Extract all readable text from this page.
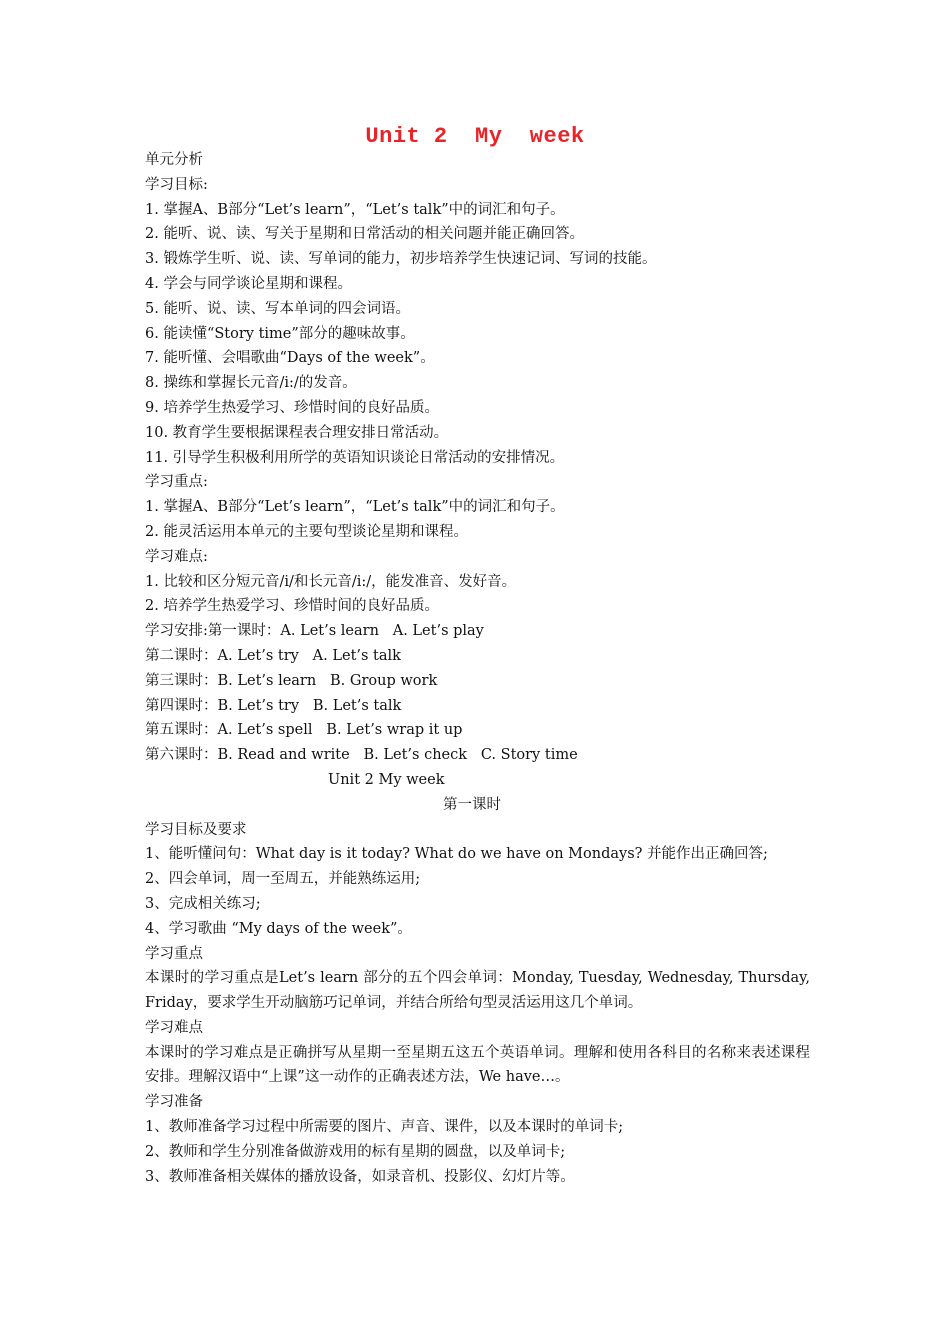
Unit 2  My  week
单元分析
学习目标:
1. 掌握A、B部分“Let’s learn”，“Let’s talk”中的词汇和句子。
2. 能听、说、读、写关于星期和日常活动的相关问题并能正确回答。
3. 锻炼学生听、说、读、写单词的能力，初步培养学生快速记词、写词的技能。
4. 学会与同学谈论星期和课程。
5. 能听、说、读、写本单词的四会词语。
6. 能读懂“Story time”部分的趣味故事。
7. 能听懂、会唱歌曲“Days of the week”。
8. 操练和掌握长元音/i:/的发音。
9. 培养学生热爱学习、珍惜时间的良好品质。
10. 教育学生要根据课程表合理安排日常活动。
11. 引导学生积极利用所学的英语知识谈论日常活动的安排情况。
学习重点:
1. 掌握A、B部分“Let’s learn”，“Let’s talk”中的词汇和句子。
2. 能灵活运用本单元的主要句型谈论星期和课程。
学习难点:
1. 比较和区分短元音/i/和长元音/i:/，能发准音、发好音。
2. 培养学生热爱学习、珍惜时间的良好品质。
学习安排:第一课时：A. Let’s learn   A. Let’s play
第二课时：A. Let’s try   A. Let’s talk
第三课时：B. Let’s learn   B. Group work
第四课时：B. Let’s try   B. Let’s talk
第五课时：A. Let’s spell   B. Let’s wrap it up
第六课时：B. Read and write   B. Let’s check   C. Story time
Unit 2 My week
第一课时
学习目标及要求
1、能听懂问句：What day is it today? What do we have on Mondays? 并能作出正确回答;
2、四会单词，周一至周五，并能熟练运用;
3、完成相关练习;
4、学习歌曲 “My days of the week”。
学习重点
本课时的学习重点是Let’s learn 部分的五个四会单词：Monday, Tuesday, Wednesday, Thursday, Friday，要求学生开动脑筋巧记单词，并结合所给句型灵活运用这几个单词。
学习难点
本课时的学习难点是正确拼写从星期一至星期五这五个英语单词。理解和使用各科目的名称来表述课程安排。理解汉语中“上课”这一动作的正确表述方法，We have…。
学习准备
1、教师准备学习过程中所需要的图片、声音、课件，以及本课时的单词卡;
2、教师和学生分别准备做游戏用的标有星期的圆盘，以及单词卡;
3、教师准备相关媒体的播放设备，如录音机、投影仪、幻灯片等。
